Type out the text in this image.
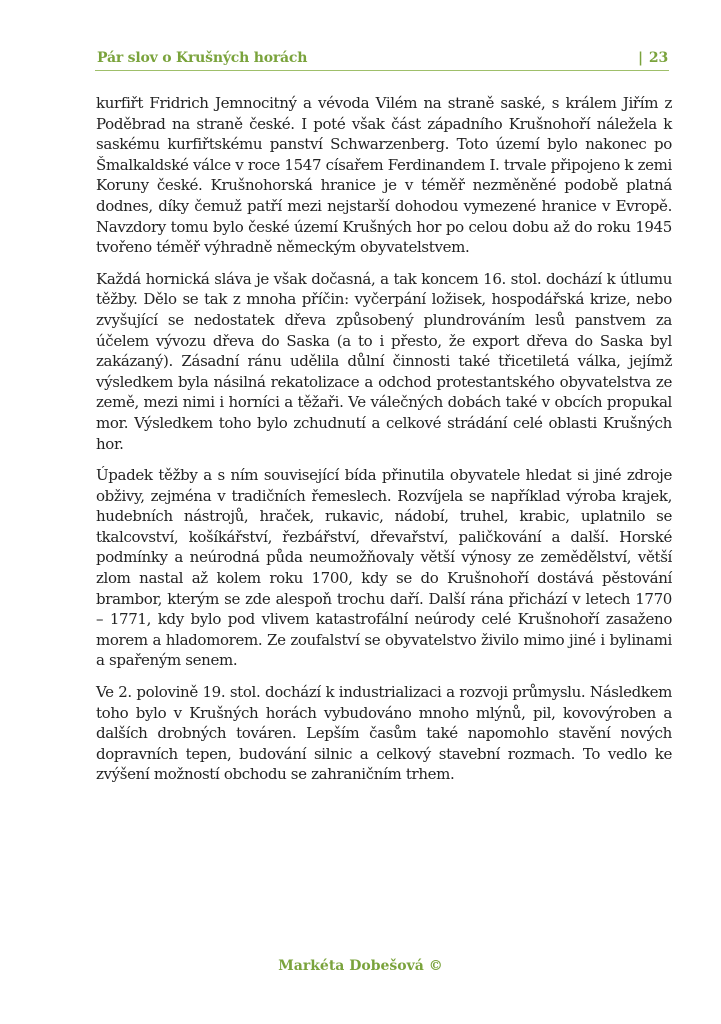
Pár slov o Krušných horách	| 23

kurfiřt Fridrich Jemnocitný a vévoda Vilém na straně saské, s králem Jiřím z Poděbrad na straně české. I poté však část západního Krušnohoří náležela k saskému kurfiřtskému panství Schwarzenberg. Toto území bylo nakonec po Šmalkaldské válce v roce 1547 císařem Ferdinandem I. trvale připojeno k zemi Koruny české. Krušnohorská hranice je v téměř nezměněné podobě platná dodnes, díky čemuž patří mezi nejstarší dohodou vymezené hranice v Evropě. Navzdory tomu bylo české území Krušných hor po celou dobu až do roku 1945 tvořeno téměř výhradně německým obyvatelstvem.

Každá hornická sláva je však dočasná, a tak koncem 16. stol. dochází k útlumu těžby. Dělo se tak z mnoha příčin: vyčerpání ložisek, hospodářská krize, nebo zvyšující se nedostatek dřeva způsobený plundrováním lesů panstvem za účelem vývozu dřeva do Saska (a to i přesto, že export dřeva do Saska byl zakázaný). Zásadní ránu udělila důlní činnosti také třicetiletá válka, jejímž výsledkem byla násilná rekatolizace a odchod protestantského obyvatelstva ze země, mezi nimi i horníci a těžaři. Ve válečných dobách také v obcích propukal mor. Výsledkem toho bylo zchudnutí a celkové strádání celé oblasti Krušných hor.

Úpadek těžby a s ním související bída přinutila obyvatele hledat si jiné zdroje obživy, zejména v tradičních řemeslech. Rozvíjela se například výroba krajek, hudebních nástrojů, hraček, rukavic, nádobí, truhel, krabic, uplatnilo se tkalcovství, košíkářství, řezbářství, dřevařství, paličkování a další. Horské podmínky a neúrodná půda neumožňovaly větší výnosy ze zemědělství, větší zlom nastal až kolem roku 1700, kdy se do Krušnohoří dostává pěstování brambor, kterým se zde alespoň trochu daří. Další rána přichází v letech 1770 – 1771, kdy bylo pod vlivem katastrofální neúrody celé Krušnohoří zasaženo morem a hladomorem. Ze zoufalství se obyvatelstvo živilo mimo jiné i bylinami a spařeným senem.

Ve 2. polovině 19. stol. dochází k industrializaci a rozvoji průmyslu. Následkem toho bylo v Krušných horách vybudováno mnoho mlýnů, pil, kovovýroben a dalších drobných továren. Lepším časům také napomohlo stavění nových dopravních tepen, budování silnic a celkový stavební rozmach. To vedlo ke zvýšení možností obchodu se zahraničním trhem.

Markéta Dobešová ©
